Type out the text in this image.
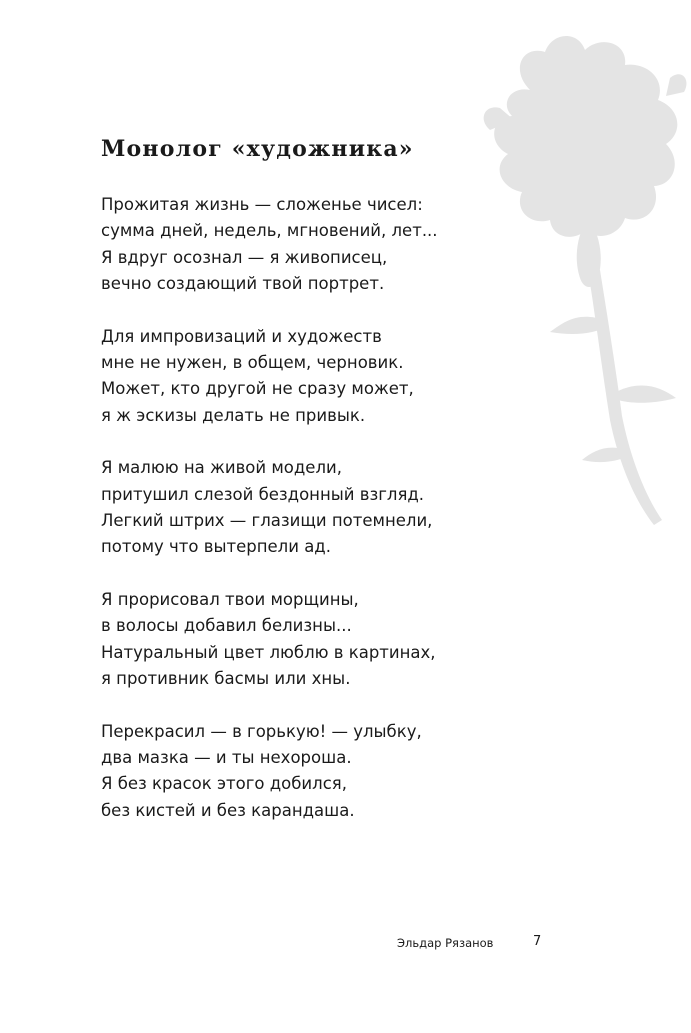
Монолог «художника»

Прожитая жизнь — сложенье чисел:
сумма дней, недель, мгновений, лет...
Я вдруг осознал — я живописец,
вечно создающий твой портрет.

Для импровизаций и художеств
мне не нужен, в общем, черновик.
Может, кто другой не сразу может,
я ж эскизы делать не привык.

Я малюю на живой модели,
притушил слезой бездонный взгляд.
Легкий штрих — глазищи потемнели,
потому что вытерпели ад.

Я прорисовал твои морщины,
в волосы добавил белизны...
Натуральный цвет люблю в картинах,
я противник басмы или хны.

Перекрасил — в горькую! — улыбку,
два мазка — и ты нехороша.
Я без красок этого добился,
без кистей и без карандаша.

Эльдар Рязанов	7
